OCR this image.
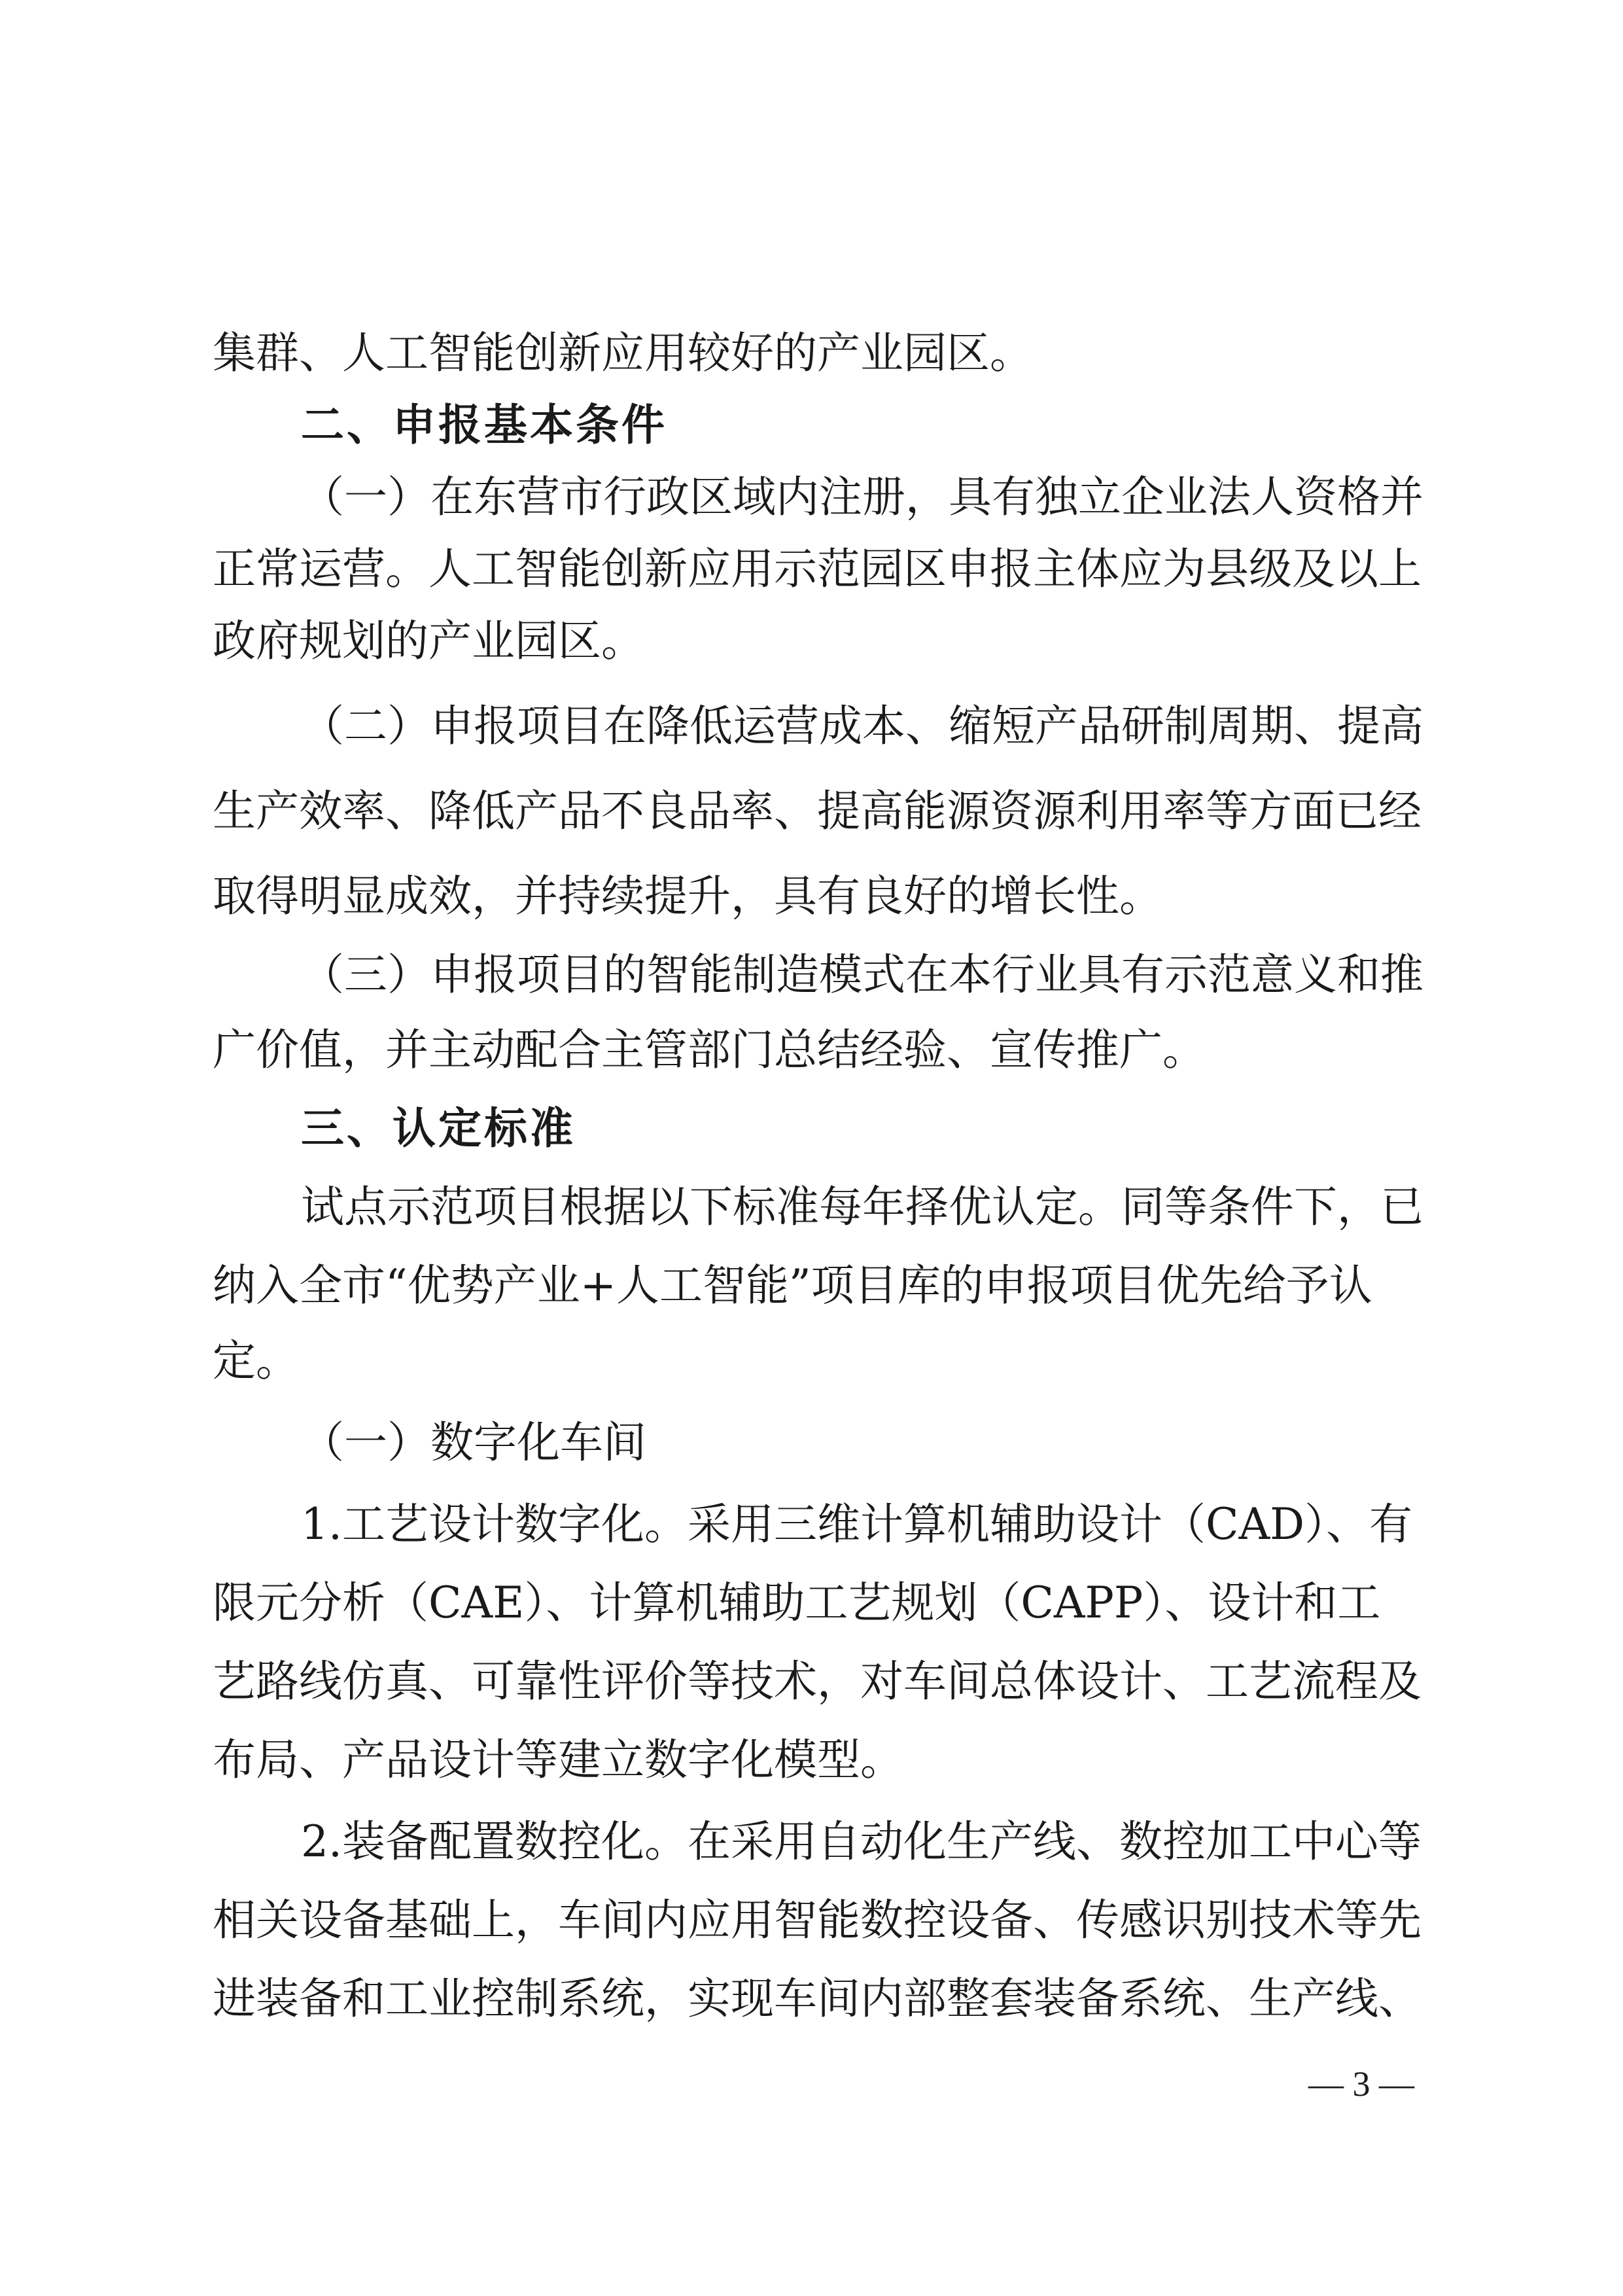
集群、人工智能创新应用较好的产业园区。
二、申报基本条件
（一）在东营市行政区域内注册，具有独立企业法人资格并
正常运营。人工智能创新应用示范园区申报主体应为县级及以上
政府规划的产业园区。
（二）申报项目在降低运营成本、缩短产品研制周期、提高
生产效率、降低产品不良品率、提高能源资源利用率等方面已经
取得明显成效，并持续提升，具有良好的增长性。
（三）申报项目的智能制造模式在本行业具有示范意义和推
广价值，并主动配合主管部门总结经验、宣传推广。
三、认定标准
试点示范项目根据以下标准每年择优认定。同等条件下，已
纳入全市“优势产业+人工智能”项目库的申报项目优先给予认
定。
（一）数字化车间
1.工艺设计数字化。采用三维计算机辅助设计（CAD）、有
限元分析（CAE）、计算机辅助工艺规划（CAPP）、设计和工
艺路线仿真、可靠性评价等技术，对车间总体设计、工艺流程及
布局、产品设计等建立数字化模型。
2.装备配置数控化。在采用自动化生产线、数控加工中心等
相关设备基础上，车间内应用智能数控设备、传感识别技术等先
进装备和工业控制系统，实现车间内部整套装备系统、生产线、
— 3 —
